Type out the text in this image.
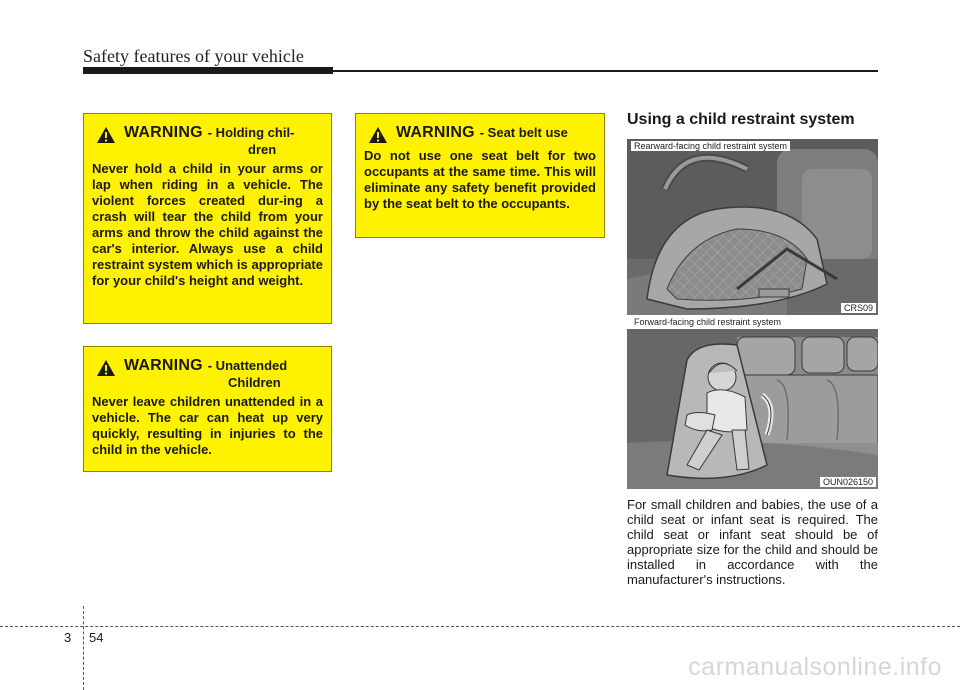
Safety features of your vehicle
WARNING - Holding chil-
dren
Never hold a child in your arms or lap when riding in a vehicle. The violent forces created dur-ing a crash will tear the child from your arms and throw the child against the car's interior. Always use a child restraint system which is appropriate for your child's height and weight.
WARNING - Unattended
Children
Never leave children unattended in a vehicle. The car can heat up very quickly, resulting in injuries to the child in the vehicle.
WARNING - Seat belt use
Do not use one seat belt for two occupants at the same time. This will eliminate any safety benefit provided by the seat belt to the occupants.
Using a child restraint system
Rearward-facing child restraint system
CRS09
Forward-facing child restraint system
OUN026150
For small children and babies, the use of a child seat or infant seat is required. The child seat or infant seat should be of appropriate size for the child and should be installed in accordance with the manufacturer's instructions.
3 54
carmanualsonline.info
